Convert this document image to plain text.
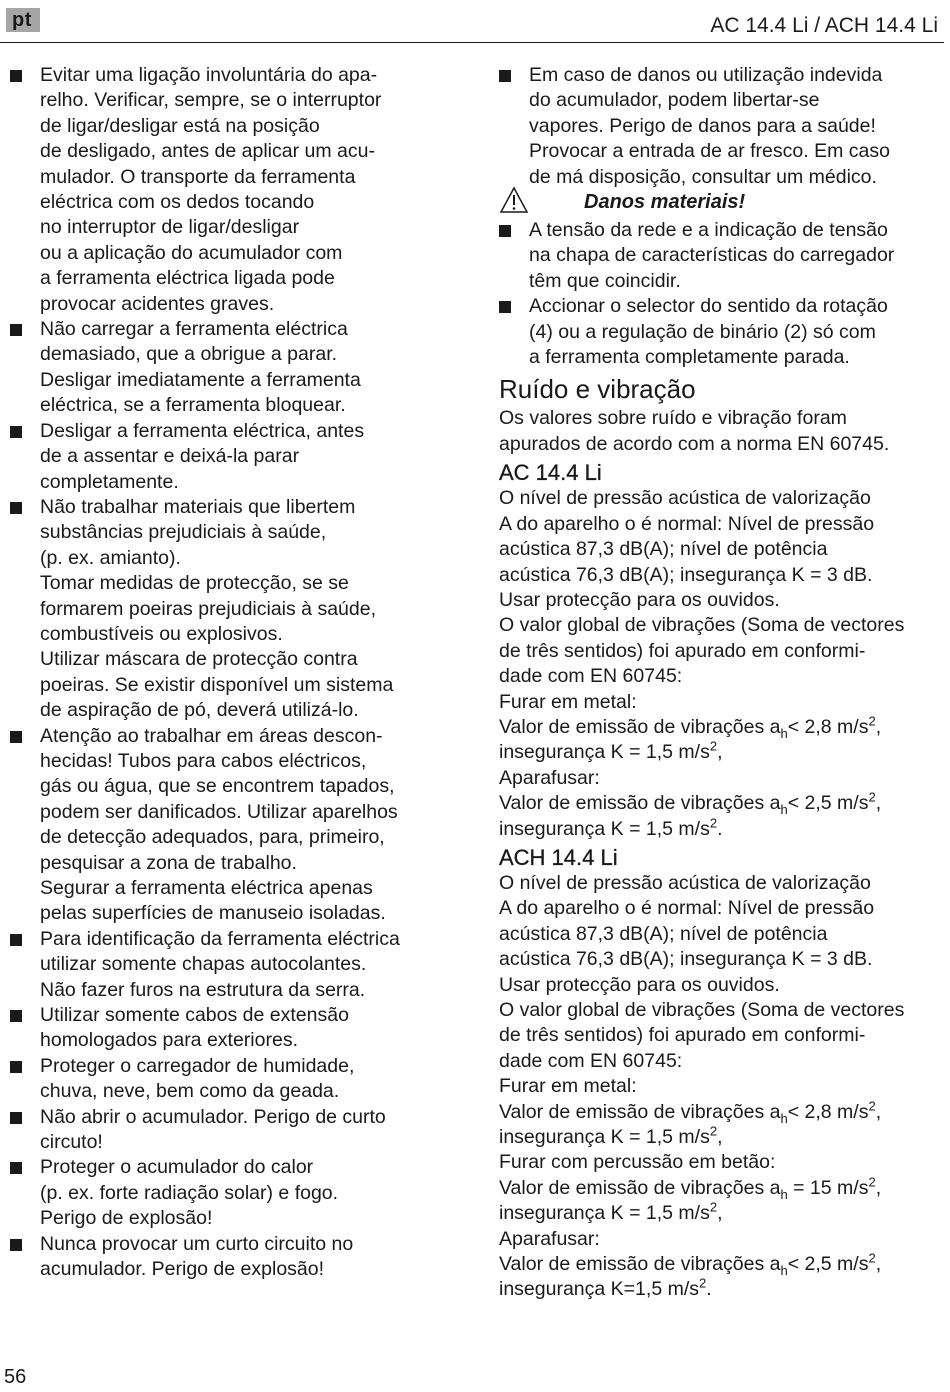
pt	AC 14.4 Li / ACH 14.4 Li

Evitar uma ligação involuntária do apa-

relho. Verificar, sempre, se o interruptor

de ligar/desligar está na posição

de desligado, antes de aplicar um acu-

mulador. O transporte da ferramenta

eléctrica com os dedos tocando

no interruptor de ligar/desligar

ou a aplicação do acumulador com

a ferramenta eléctrica ligada pode

provocar acidentes graves.

Não carregar a ferramenta eléctrica

demasiado, que a obrigue a parar.

Desligar imediatamente a ferramenta

eléctrica, se a ferramenta bloquear.

Desligar a ferramenta eléctrica, antes

de a assentar e deixá-la parar

completamente.

Não trabalhar materiais que libertem

substâncias prejudiciais à saúde,

(p. ex. amianto).

Tomar medidas de protecção, se se

formarem poeiras prejudiciais à saúde,

combustíveis ou explosivos.

Utilizar máscara de protecção contra

poeiras. Se existir disponível um sistema

de aspiração de pó, deverá utilizá-lo.

Atenção ao trabalhar em áreas descon-

hecidas! Tubos para cabos eléctricos,

gás ou água, que se encontrem tapados,

podem ser danificados. Utilizar aparelhos

de detecção adequados, para, primeiro,

pesquisar a zona de trabalho.

Segurar a ferramenta eléctrica apenas

pelas superfícies de manuseio isoladas.

Para identificação da ferramenta eléctrica

utilizar somente chapas autocolantes.

Não fazer furos na estrutura da serra.

Utilizar somente cabos de extensão

homologados para exteriores.

Proteger o carregador de humidade,

chuva, neve, bem como da geada.

Não abrir o acumulador. Perigo de curto

circuto!

Proteger o acumulador do calor

(p. ex. forte radiação solar) e fogo.

Perigo de explosão!

Nunca provocar um curto circuito no

acumulador. Perigo de explosão!

Em caso de danos ou utilização indevida

do acumulador, podem libertar-se

vapores. Perigo de danos para a saúde!

Provocar a entrada de ar fresco. Em caso

de má disposição, consultar um médico.

Danos materiais!

A tensão da rede e a indicação de tensão

na chapa de características do carregador

têm que coincidir.

Accionar o selector do sentido da rotação

(4) ou a regulação de binário (2) só com

a ferramenta completamente parada.

Ruído e vibração

Os valores sobre ruído e vibração foram

apurados de acordo com a norma EN 60745.

AC 14.4 Li

O nível de pressão acústica de valorização

A do aparelho o é normal: Nível de pressão

acústica 87,3 dB(A); nível de potência

acústica 76,3 dB(A); insegurança K = 3 dB.

Usar protecção para os ouvidos.

O valor global de vibrações (Soma de vectores

de três sentidos) foi apurado em conformi-

dade com EN 60745:

Furar em metal:

Valor de emissão de vibrações $a_h< 2,8$ $m/s^2$,

insegurança K = 1,5 $m/s^2$,

Aparafusar:

Valor de emissão de vibrações $a_h< 2,5$ $m/s^2$,

insegurança K = 1,5 $m/s^2$.

ACH 14.4 Li

O nível de pressão acústica de valorização

A do aparelho o é normal: Nível de pressão

acústica 87,3 dB(A); nível de potência

acústica 76,3 dB(A); insegurança K = 3 dB.

Usar protecção para os ouvidos.

O valor global de vibrações (Soma de vectores

de três sentidos) foi apurado em conformi-

dade com EN 60745:

Furar em metal:

Valor de emissão de vibrações $a_h< 2,8$ $m/s^2$,

insegurança K = 1,5 $m/s^2$,

Furar com percussão em betão:

Valor de emissão de vibrações $a_h = 15$ $m/s^2$,

insegurança K = 1,5 $m/s^2$,

Aparafusar:

Valor de emissão de vibrações $a_h< 2,5$ $m/s^2$,

insegurança K=1,5 $m/s^2$.

56
